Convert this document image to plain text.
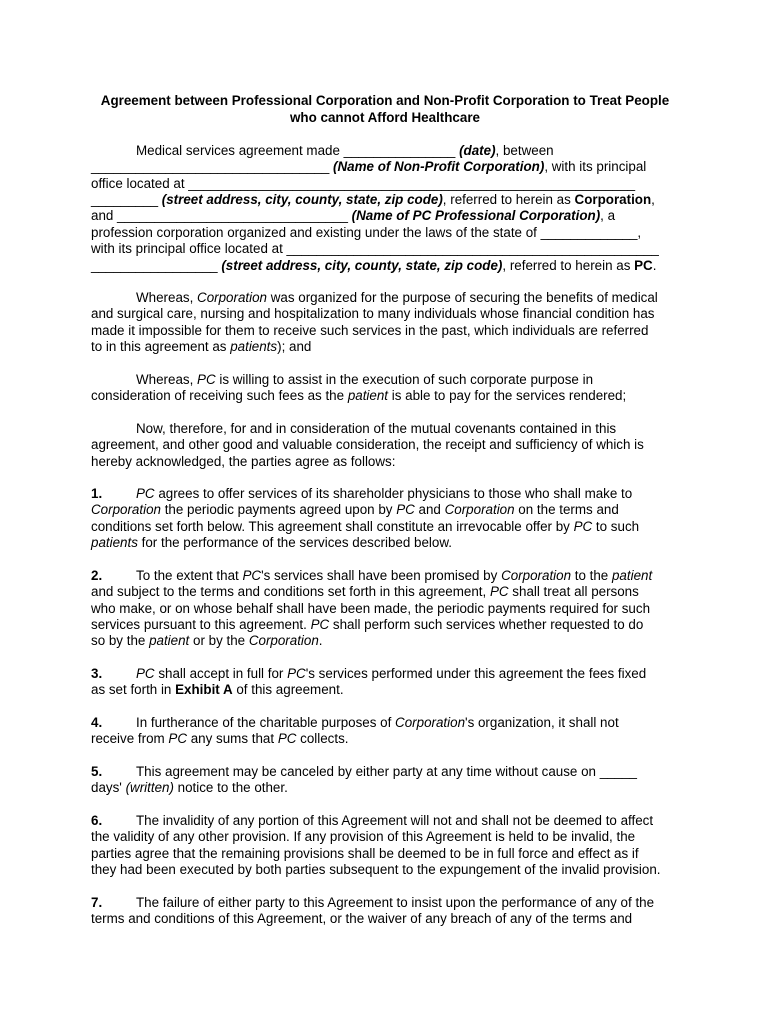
Agreement between Professional Corporation and Non-Profit Corporation to Treat People
who cannot Afford Healthcare
Medical services agreement made _______________ (date), between
________________________________ (Name of Non-Profit Corporation), with its principal
office located at ____________________________________________________________
_________ (street address, city, county, state, zip code), referred to herein as Corporation,
and _______________________________ (Name of PC Professional Corporation), a
profession corporation organized and existing under the laws of the state of _____________,
with its principal office located at __________________________________________________
_________________ (street address, city, county, state, zip code), referred to herein as PC.
Whereas, Corporation was organized for the purpose of securing the benefits of medical
and surgical care, nursing and hospitalization to many individuals whose financial condition has
made it impossible for them to receive such services in the past, which individuals are referred
to in this agreement as patients); and
Whereas, PC is willing to assist in the execution of such corporate purpose in
consideration of receiving such fees as the patient is able to pay for the services rendered;
Now, therefore, for and in consideration of the mutual covenants contained in this
agreement, and other good and valuable consideration, the receipt and sufficiency of which is
hereby acknowledged, the parties agree as follows:
1.	PC agrees to offer services of its shareholder physicians to those who shall make to
Corporation the periodic payments agreed upon by PC and Corporation on the terms and
conditions set forth below. This agreement shall constitute an irrevocable offer by PC to such
patients for the performance of the services described below.
2.	To the extent that PC's services shall have been promised by Corporation to the patient
and subject to the terms and conditions set forth in this agreement, PC shall treat all persons
who make, or on whose behalf shall have been made, the periodic payments required for such
services pursuant to this agreement. PC shall perform such services whether requested to do
so by the patient or by the Corporation.
3.	PC shall accept in full for PC's services performed under this agreement the fees fixed
as set forth in Exhibit A of this agreement.
4.	In furtherance of the charitable purposes of Corporation's organization, it shall not
receive from PC any sums that PC collects.
5.	This agreement may be canceled by either party at any time without cause on _____
days' (written) notice to the other.
6.	The invalidity of any portion of this Agreement will not and shall not be deemed to affect
the validity of any other provision. If any provision of this Agreement is held to be invalid, the
parties agree that the remaining provisions shall be deemed to be in full force and effect as if
they had been executed by both parties subsequent to the expungement of the invalid provision.
7.	The failure of either party to this Agreement to insist upon the performance of any of the
terms and conditions of this Agreement, or the waiver of any breach of any of the terms and
